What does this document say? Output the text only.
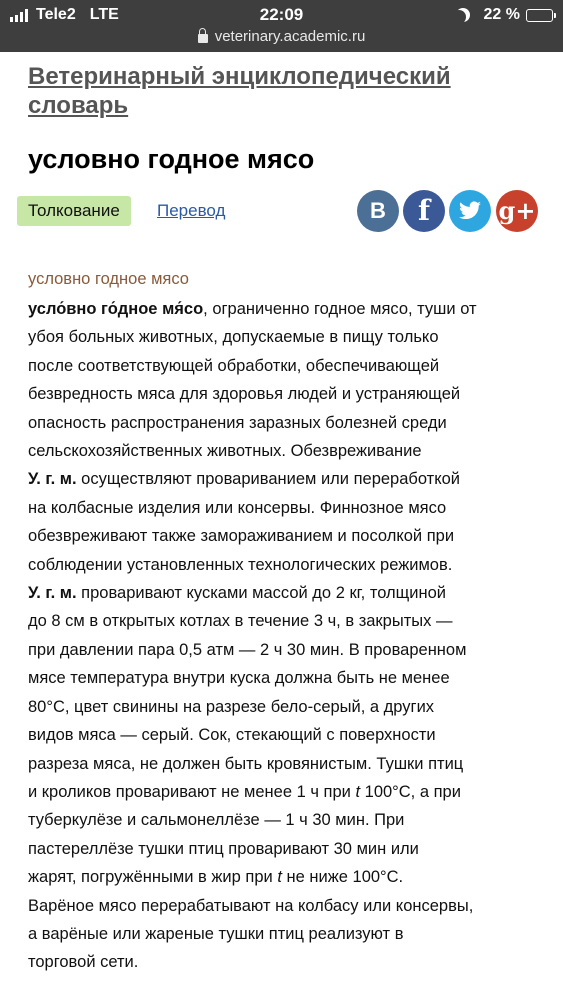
Tele2 LTE	22:09	22 %
veterinary.academic.ru
Ветеринарный энциклопедический словарь
условно годное мясо
Толкование	Перевод	B	f	g+
условно годное мясо
усло́вно го́дное мя́со, ограниченно годное мясо, туши от
убоя больных животных, допускаемые в пищу только
после соответствующей обработки, обеспечивающей
безвредность мяса для здоровья людей и устраняющей
опасность распространения заразных болезней среди
сельскохозяйственных животных. Обезвреживание
У. г. м. осуществляют провариванием или переработкой
на колбасные изделия или консервы. Финнозное мясо
обезвреживают также замораживанием и посолкой при
соблюдении установленных технологических режимов.
У. г. м. проваривают кусками массой до 2 кг, толщиной
до 8 см в открытых котлах в течение 3 ч, в закрытых —
при давлении пара 0,5 атм — 2 ч 30 мин. В проваренном
мясе температура внутри куска должна быть не менее
80°С, цвет свинины на разрезе бело-серый, а других
видов мяса — серый. Сок, стекающий с поверхности
разреза мяса, не должен быть кровянистым. Тушки птиц
и кроликов проваривают не менее 1 ч при t 100°С, а при
туберкулёзе и сальмонеллёзе — 1 ч 30 мин. При
пастереллёзе тушки птиц проваривают 30 мин или
жарят, погружёнными в жир при t не ниже 100°С.
Варёное мясо перерабатывают на колбасу или консервы,
а варёные или жареные тушки птиц реализуют в
торговой сети.
